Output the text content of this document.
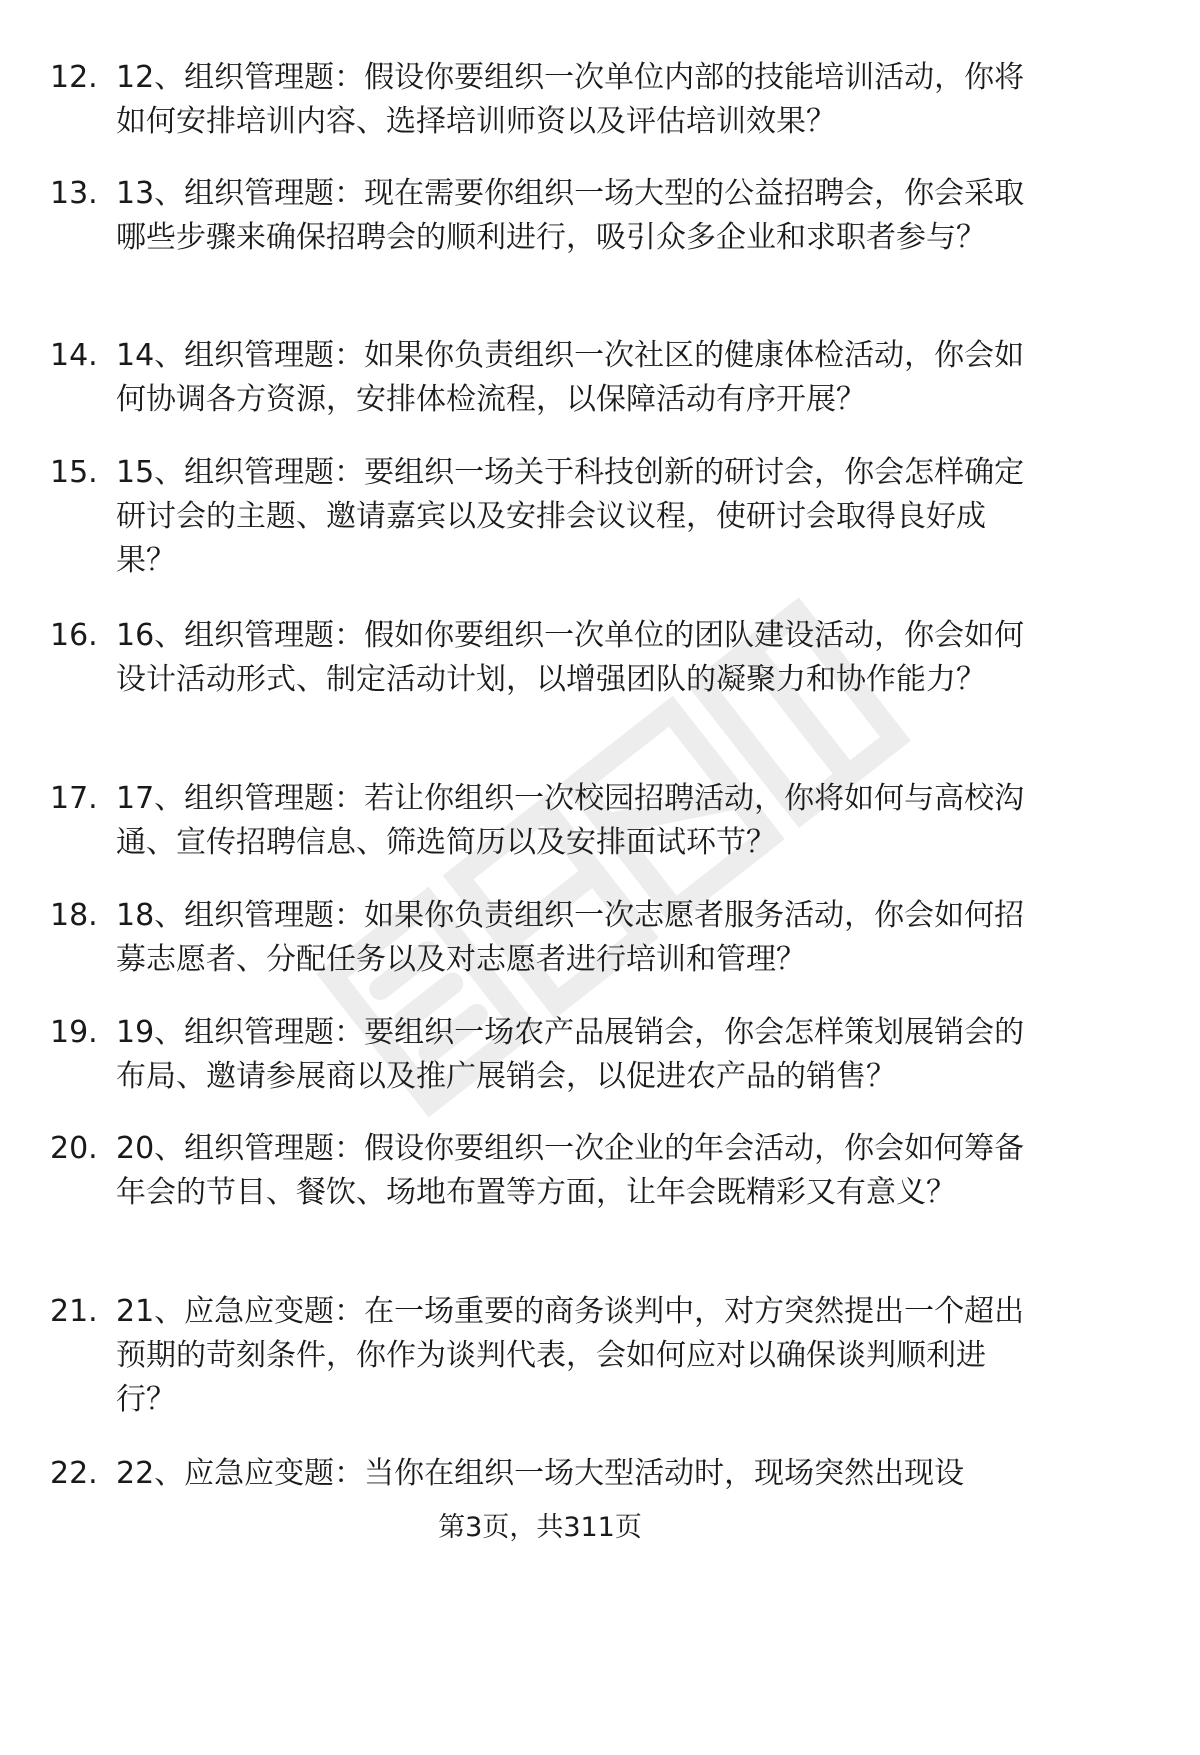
12. 12、组织管理题：假设你要组织一次单位内部的技能培训活动，你将如何安排培训内容、选择培训师资以及评估培训效果？
13. 13、组织管理题：现在需要你组织一场大型的公益招聘会，你会采取哪些步骤来确保招聘会的顺利进行，吸引众多企业和求职者参与？
14. 14、组织管理题：如果你负责组织一次社区的健康体检活动，你会如何协调各方资源，安排体检流程，以保障活动有序开展？
15. 15、组织管理题：要组织一场关于科技创新的研讨会，你会怎样确定研讨会的主题、邀请嘉宾以及安排会议议程，使研讨会取得良好成果？
16. 16、组织管理题：假如你要组织一次单位的团队建设活动，你会如何设计活动形式、制定活动计划，以增强团队的凝聚力和协作能力？
17. 17、组织管理题：若让你组织一次校园招聘活动，你将如何与高校沟通、宣传招聘信息、筛选简历以及安排面试环节？
18. 18、组织管理题：如果你负责组织一次志愿者服务活动，你会如何招募志愿者、分配任务以及对志愿者进行培训和管理？
19. 19、组织管理题：要组织一场农产品展销会，你会怎样策划展销会的布局、邀请参展商以及推广展销会，以促进农产品的销售？
20. 20、组织管理题：假设你要组织一次企业的年会活动，你会如何筹备年会的节目、餐饮、场地布置等方面，让年会既精彩又有意义？
21. 21、应急应变题：在一场重要的商务谈判中，对方突然提出一个超出预期的苛刻条件，你作为谈判代表，会如何应对以确保谈判顺利进行？
22. 22、应急应变题：当你在组织一场大型活动时，现场突然出现设
第3页，共311页
